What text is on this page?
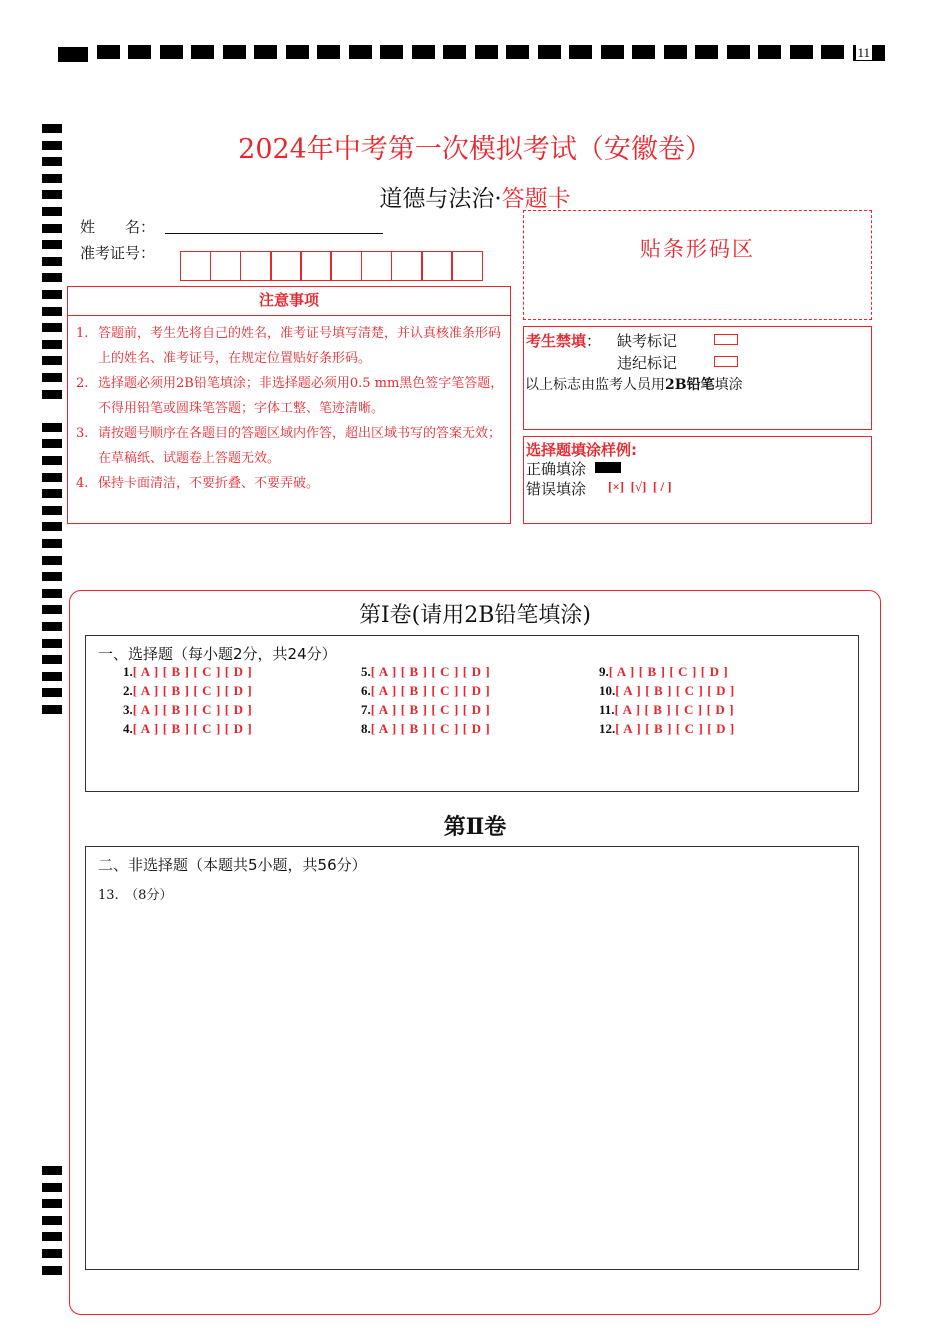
11
2024年中考第一次模拟考试（安徽卷）
道德与法治·答题卡
姓　　名：
准考证号：
注意事项
1. 答题前，考生先将自己的姓名，准考证号填写清楚，并认真核准条形码上的姓名、准考证号，在规定位置贴好条形码。
2. 选择题必须用2B铅笔填涂；非选择题必须用0.5 mm黑色签字笔答题，不得用铅笔或圆珠笔答题；字体工整、笔迹清晰。
3. 请按题号顺序在各题目的答题区域内作答，超出区域书写的答案无效；在草稿纸、试题卷上答题无效。
4. 保持卡面清洁，不要折叠、不要弄破。
贴条形码区
考生禁填： 缺考标记
违纪标记
以上标志由监考人员用2B铅笔填涂
选择题填涂样例:
正确填涂
错误填涂 [×]  [√]  [ / ]
第Ⅰ卷(请用2B铅笔填涂)
一、选择题（每小题2分，共24分）
1.[ A ] [ B ] [ C ] [ D ]
2.[ A ] [ B ] [ C ] [ D ]
3.[ A ] [ B ] [ C ] [ D ]
4.[ A ] [ B ] [ C ] [ D ]
5.[ A ] [ B ] [ C ] [ D ]
6.[ A ] [ B ] [ C ] [ D ]
7.[ A ] [ B ] [ C ] [ D ]
8.[ A ] [ B ] [ C ] [ D ]
9.[ A ] [ B ] [ C ] [ D ]
10.[ A ] [ B ] [ C ] [ D ]
11.[ A ] [ B ] [ C ] [ D ]
12.[ A ] [ B ] [ C ] [ D ]
第Ⅱ卷
二、非选择题（本题共5小题，共56分）
13.　（8分）
